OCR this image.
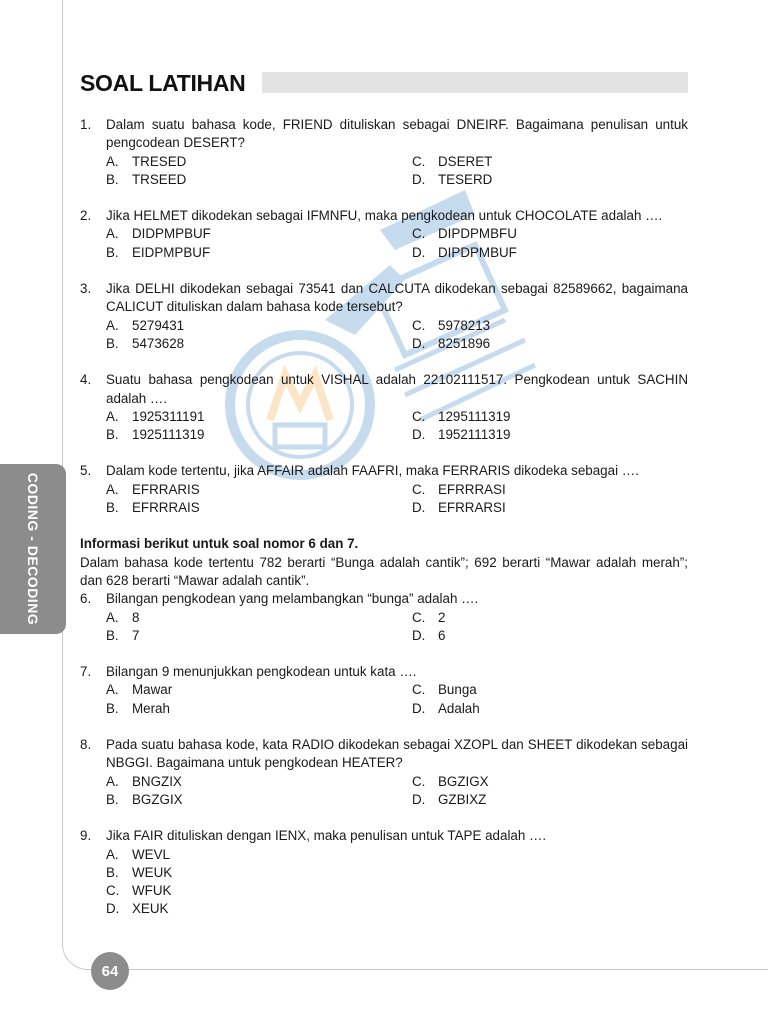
SOAL LATIHAN
CODING - DECODING
1.	Dalam suatu bahasa kode, FRIEND dituliskan sebagai DNEIRF. Bagaimana penulisan untuk pengcodean DESERT?
A. TRESED	C. DSERET
B. TRSEED	D. TESERD
2.	Jika HELMET dikodekan sebagai IFMNFU, maka pengkodean untuk CHOCOLATE adalah ….
A. DIDPMPBUF	C. DIPDPMBFU
B. EIDPMPBUF	D. DIPDPMBUF
3.	Jika DELHI dikodekan sebagai 73541 dan CALCUTA dikodekan sebagai 82589662, bagaimana CALICUT dituliskan dalam bahasa kode tersebut?
A. 5279431	C. 5978213
B. 5473628	D. 8251896
4.	Suatu bahasa pengkodean untuk VISHAL adalah 22102111517. Pengkodean untuk SACHIN adalah ….
A. 1925311191	C. 1295111319
B. 1925111319	D. 1952111319
5.	Dalam kode tertentu, jika AFFAIR adalah FAAFRI, maka FERRARIS dikodeka sebagai ….
A. EFRRARIS	C. EFRRRASI
B. EFRRRAIS	D. EFRRARSI
Informasi berikut untuk soal nomor 6 dan 7.
Dalam bahasa kode tertentu 782 berarti “Bunga adalah cantik”; 692 berarti “Mawar adalah merah”; dan 628 berarti “Mawar adalah cantik”.
6.	Bilangan pengkodean yang melambangkan “bunga” adalah ….
A. 8	C. 2
B. 7	D. 6
7.	Bilangan 9 menunjukkan pengkodean untuk kata ….
A. Mawar	C. Bunga
B. Merah	D. Adalah
8.	Pada suatu bahasa kode, kata RADIO dikodekan sebagai XZOPL dan SHEET dikodekan sebagai NBGGI. Bagaimana untuk pengkodean HEATER?
A. BNGZIX	C. BGZIGX
B. BGZGIX	D. GZBIXZ
9.	Jika FAIR dituliskan dengan IENX, maka penulisan untuk TAPE adalah ….
A. WEVL
B. WEUK
C. WFUK
D. XEUK
64
